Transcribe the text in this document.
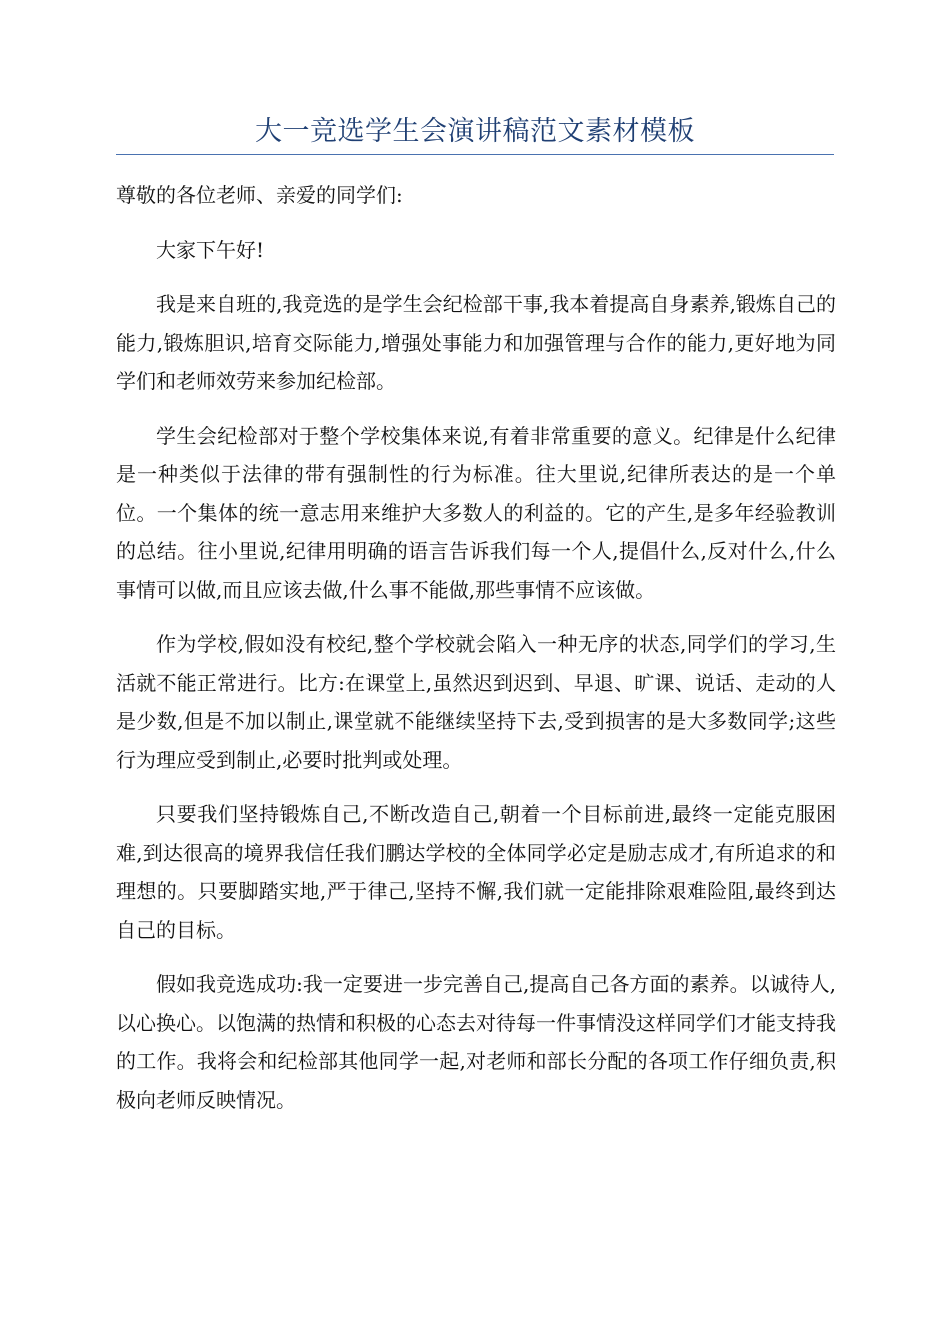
大一竞选学生会演讲稿范文素材模板

尊敬的各位老师、亲爱的同学们:

大家下午好!

我是来自班的,我竞选的是学生会纪检部干事,我本着提高自身素养,锻炼自己的能力,锻炼胆识,培育交际能力,增强处事能力和加强管理与合作的能力,更好地为同学们和老师效劳来参加纪检部。

学生会纪检部对于整个学校集体来说,有着非常重要的意义。纪律是什么纪律是一种类似于法律的带有强制性的行为标准。往大里说,纪律所表达的是一个单位。一个集体的统一意志用来维护大多数人的利益的。它的产生,是多年经验教训的总结。往小里说,纪律用明确的语言告诉我们每一个人,提倡什么,反对什么,什么事情可以做,而且应该去做,什么事不能做,那些事情不应该做。

作为学校,假如没有校纪,整个学校就会陷入一种无序的状态,同学们的学习,生活就不能正常进行。比方:在课堂上,虽然迟到迟到、早退、旷课、说话、走动的人是少数,但是不加以制止,课堂就不能继续坚持下去,受到损害的是大多数同学;这些行为理应受到制止,必要时批判或处理。

只要我们坚持锻炼自己,不断改造自己,朝着一个目标前进,最终一定能克服困难,到达很高的境界我信任我们鹏达学校的全体同学必定是励志成才,有所追求的和理想的。只要脚踏实地,严于律己,坚持不懈,我们就一定能排除艰难险阻,最终到达自己的目标。

假如我竞选成功:我一定要进一步完善自己,提高自己各方面的素养。以诚待人,以心换心。以饱满的热情和积极的心态去对待每一件事情没这样同学们才能支持我的工作。我将会和纪检部其他同学一起,对老师和部长分配的各项工作仔细负责,积极向老师反映情况。
